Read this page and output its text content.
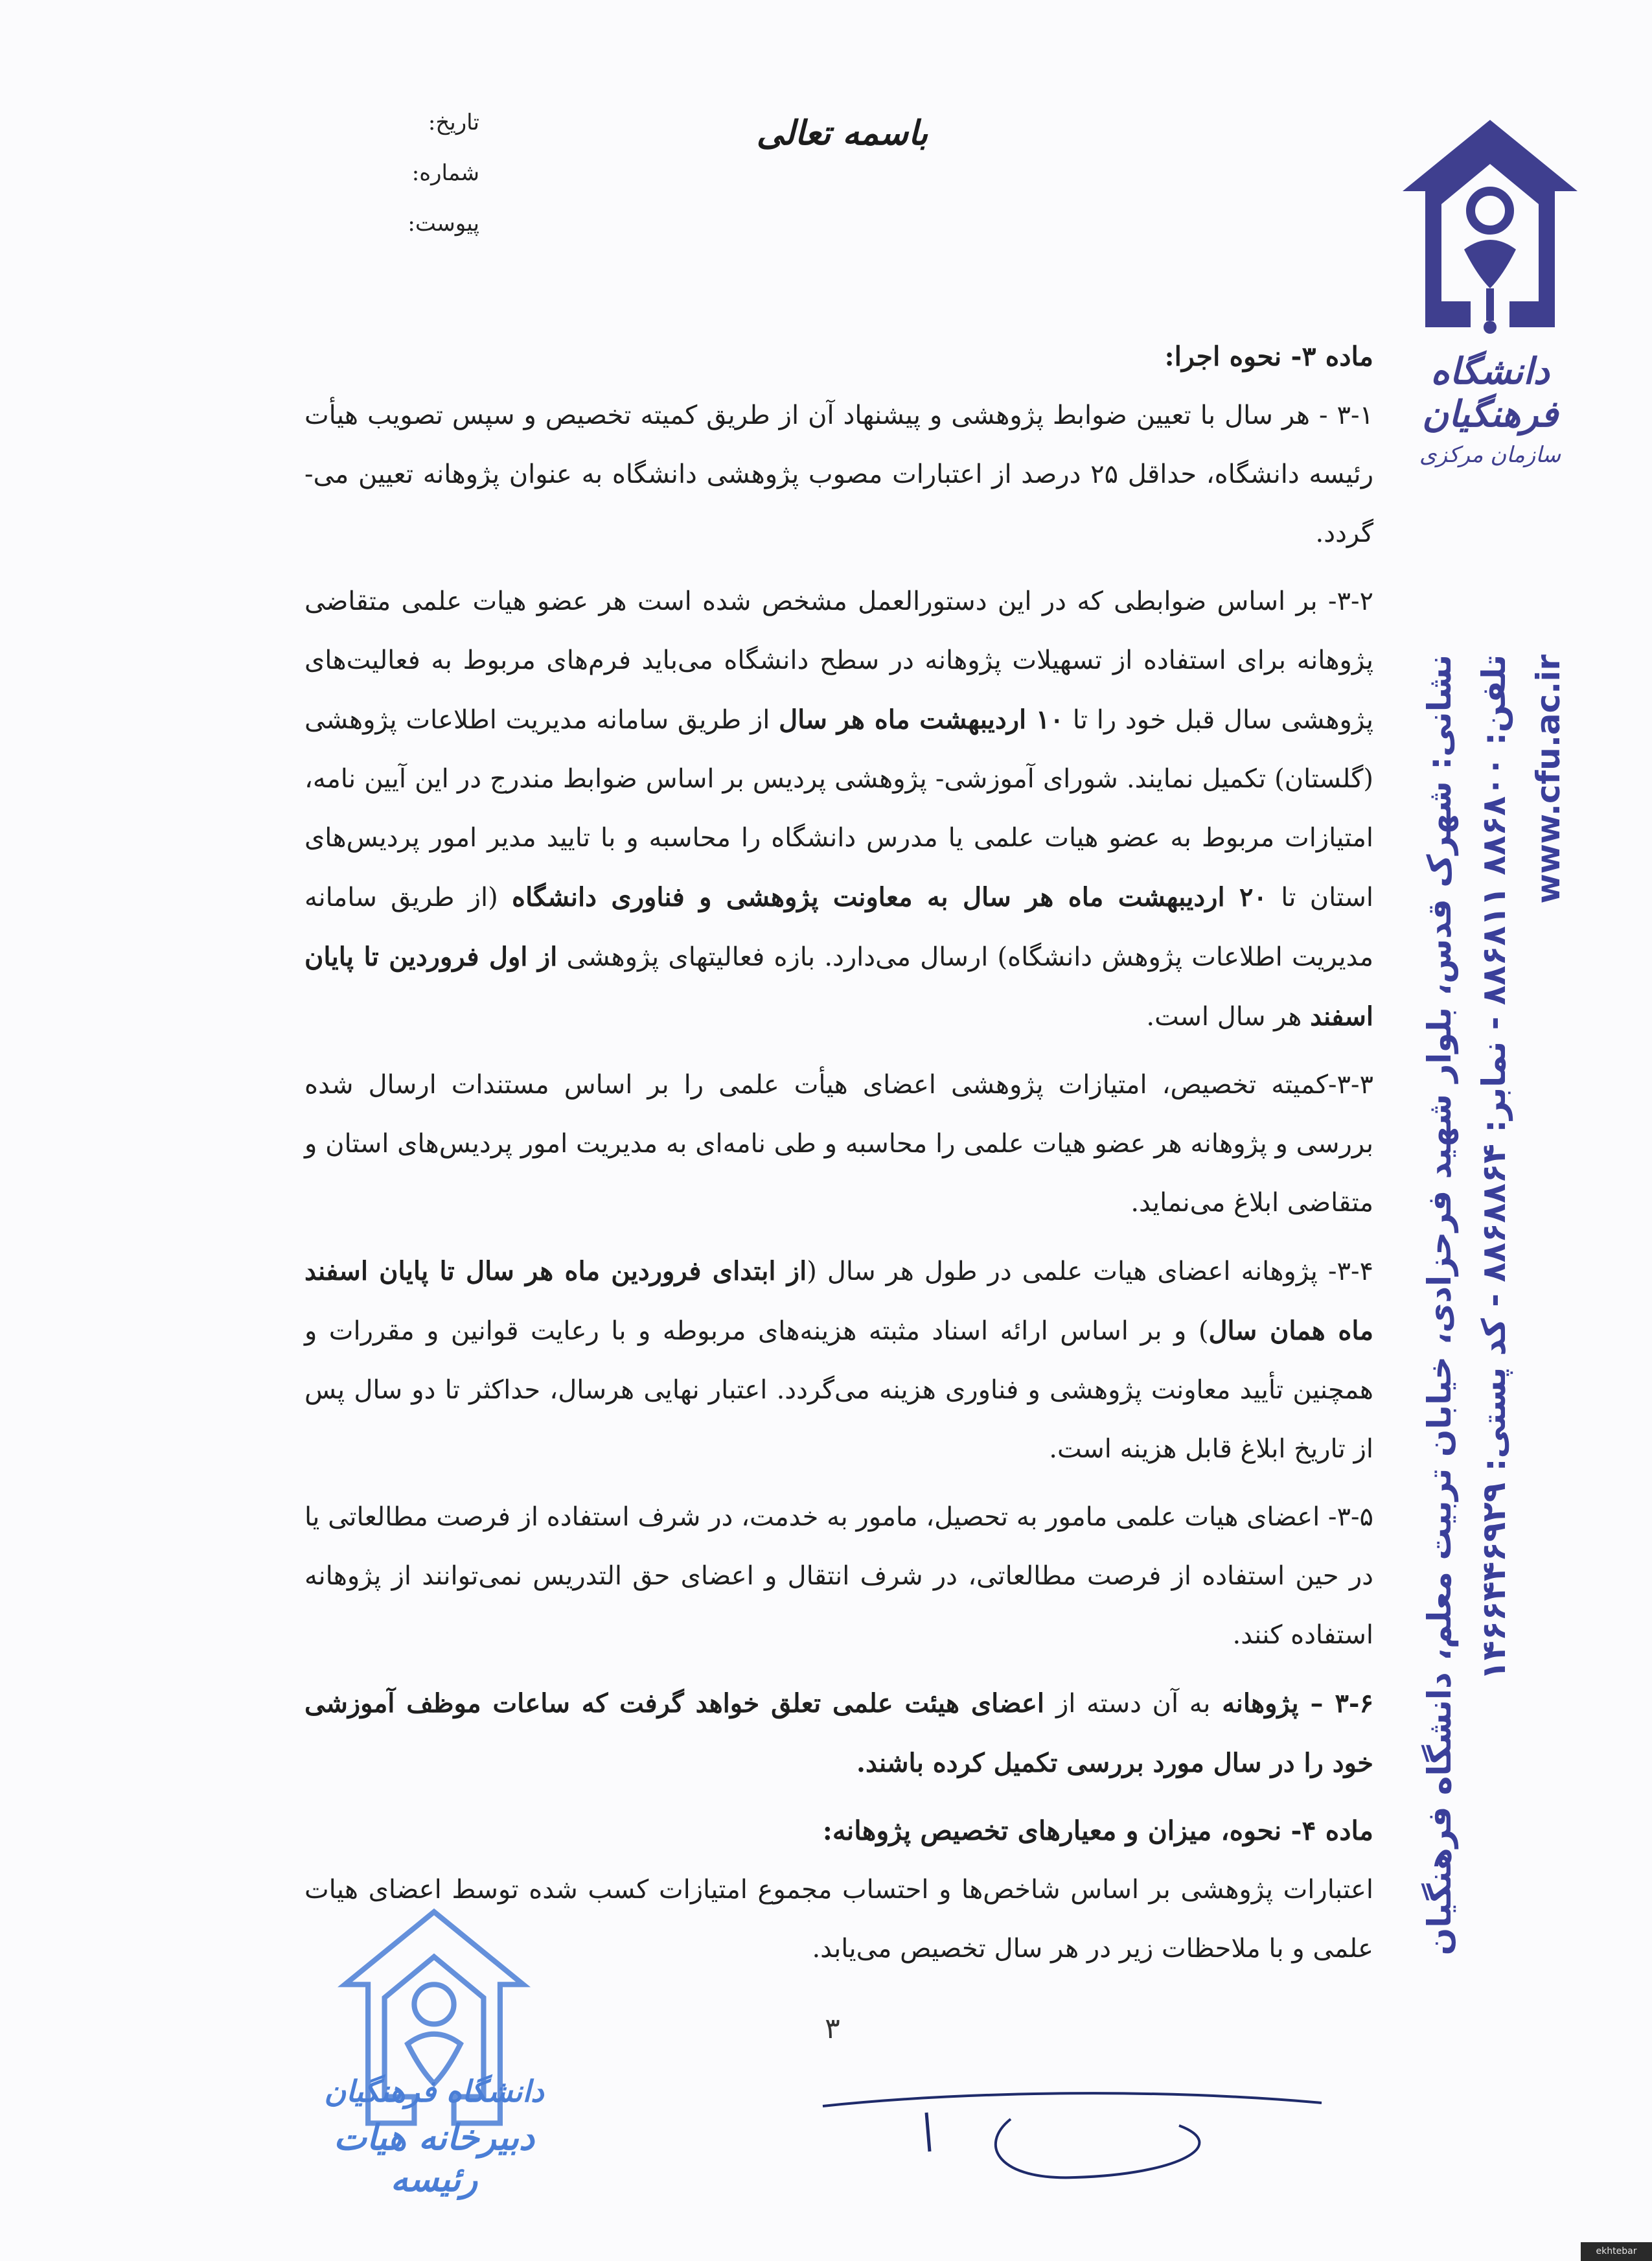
باسمه تعالی
تاریخ:
شماره:
پیوست:
دانشگاه فرهنگیان
سازمان مرکزی
نشانی: شهرک قدس، بلوار شهید فرحزادی، خیابان تربیت معلم، دانشگاه فرهنگیان تلفن: ۸۸۶۸۰۰ ۸۸۶۸۱۱ - نمابر: ۸۸۶۸۸۶۴ - کد پستی: ۱۴۶۶۴۴۶۹۲۹ www.cfu.ac.ir
ماده ۳- نحوه اجرا:

۳-۱ - هر سال با تعیین ضوابط پژوهشی و پیشنهاد آن از طریق کمیته تخصیص و سپس تصویب هیأت رئیسه دانشگاه، حداقل ۲۵ درصد از اعتبارات مصوب پژوهشی دانشگاه به عنوان پژوهانه تعیین می-گردد.

۳-۲- بر اساس ضوابطی که در این دستورالعمل مشخص شده است هر عضو هیات علمی متقاضی پژوهانه برای استفاده از تسهیلات پژوهانه در سطح دانشگاه می‌باید فرم‌های مربوط به فعالیت‌های پژوهشی سال قبل خود را تا ۱۰ اردیبهشت ماه هر سال از طریق سامانه مدیریت اطلاعات پژوهشی (گلستان) تکمیل نمایند. شورای آموزشی- پژوهشی پردیس بر اساس ضوابط مندرج در این آیین نامه، امتیازات مربوط به عضو هیات علمی یا مدرس دانشگاه را محاسبه و با تایید مدیر امور پردیس‌های استان تا ۲۰ اردیبهشت ماه هر سال به معاونت پژوهشی و فناوری دانشگاه (از طریق سامانه مدیریت اطلاعات پژوهش دانشگاه) ارسال می‌دارد. بازه فعالیتهای پژوهشی از اول فروردین تا پایان اسفند هر سال است.

۳-۳-کمیته تخصیص، امتیازات پژوهشی اعضای هیأت علمی را بر اساس مستندات ارسال شده بررسی و پژوهانه هر عضو هیات علمی را محاسبه و طی نامه‌ای به مدیریت امور پردیس‌های استان و متقاضی ابلاغ می‌نماید.

۳-۴- پژوهانه اعضای هیات علمی در طول هر سال (از ابتدای فروردین ماه هر سال تا پایان اسفند ماه همان سال) و بر اساس ارائه اسناد مثبته هزینه‌های مربوطه و با رعایت قوانین و مقررات و همچنین تأیید معاونت پژوهشی و فناوری هزینه می‌گردد. اعتبار نهایی هرسال، حداکثر تا دو سال پس از تاریخ ابلاغ قابل هزینه است.

۳-۵- اعضای هیات علمی مامور به تحصیل، مامور به خدمت، در شرف استفاده از فرصت مطالعاتی یا در حین استفاده از فرصت مطالعاتی، در شرف انتقال و اعضای حق التدریس نمی‌توانند از پژوهانه استفاده کنند.

۳-۶ – پژوهانه به آن دسته از اعضای هیئت علمی تعلق خواهد گرفت که ساعات موظف آموزشی خود را در سال مورد بررسی تکمیل کرده باشند.

ماده ۴- نحوه، میزان و معیارهای تخصیص پژوهانه:

اعتبارات پژوهشی بر اساس شاخص‌ها و احتساب مجموع امتیازات کسب شده توسط اعضای هیات علمی و با ملاحظات زیر در هر سال تخصیص می‌یابد.

۳
دانشگاه فرهنگیان
دبیرخانه هیات رئیسه
ekhtebar
